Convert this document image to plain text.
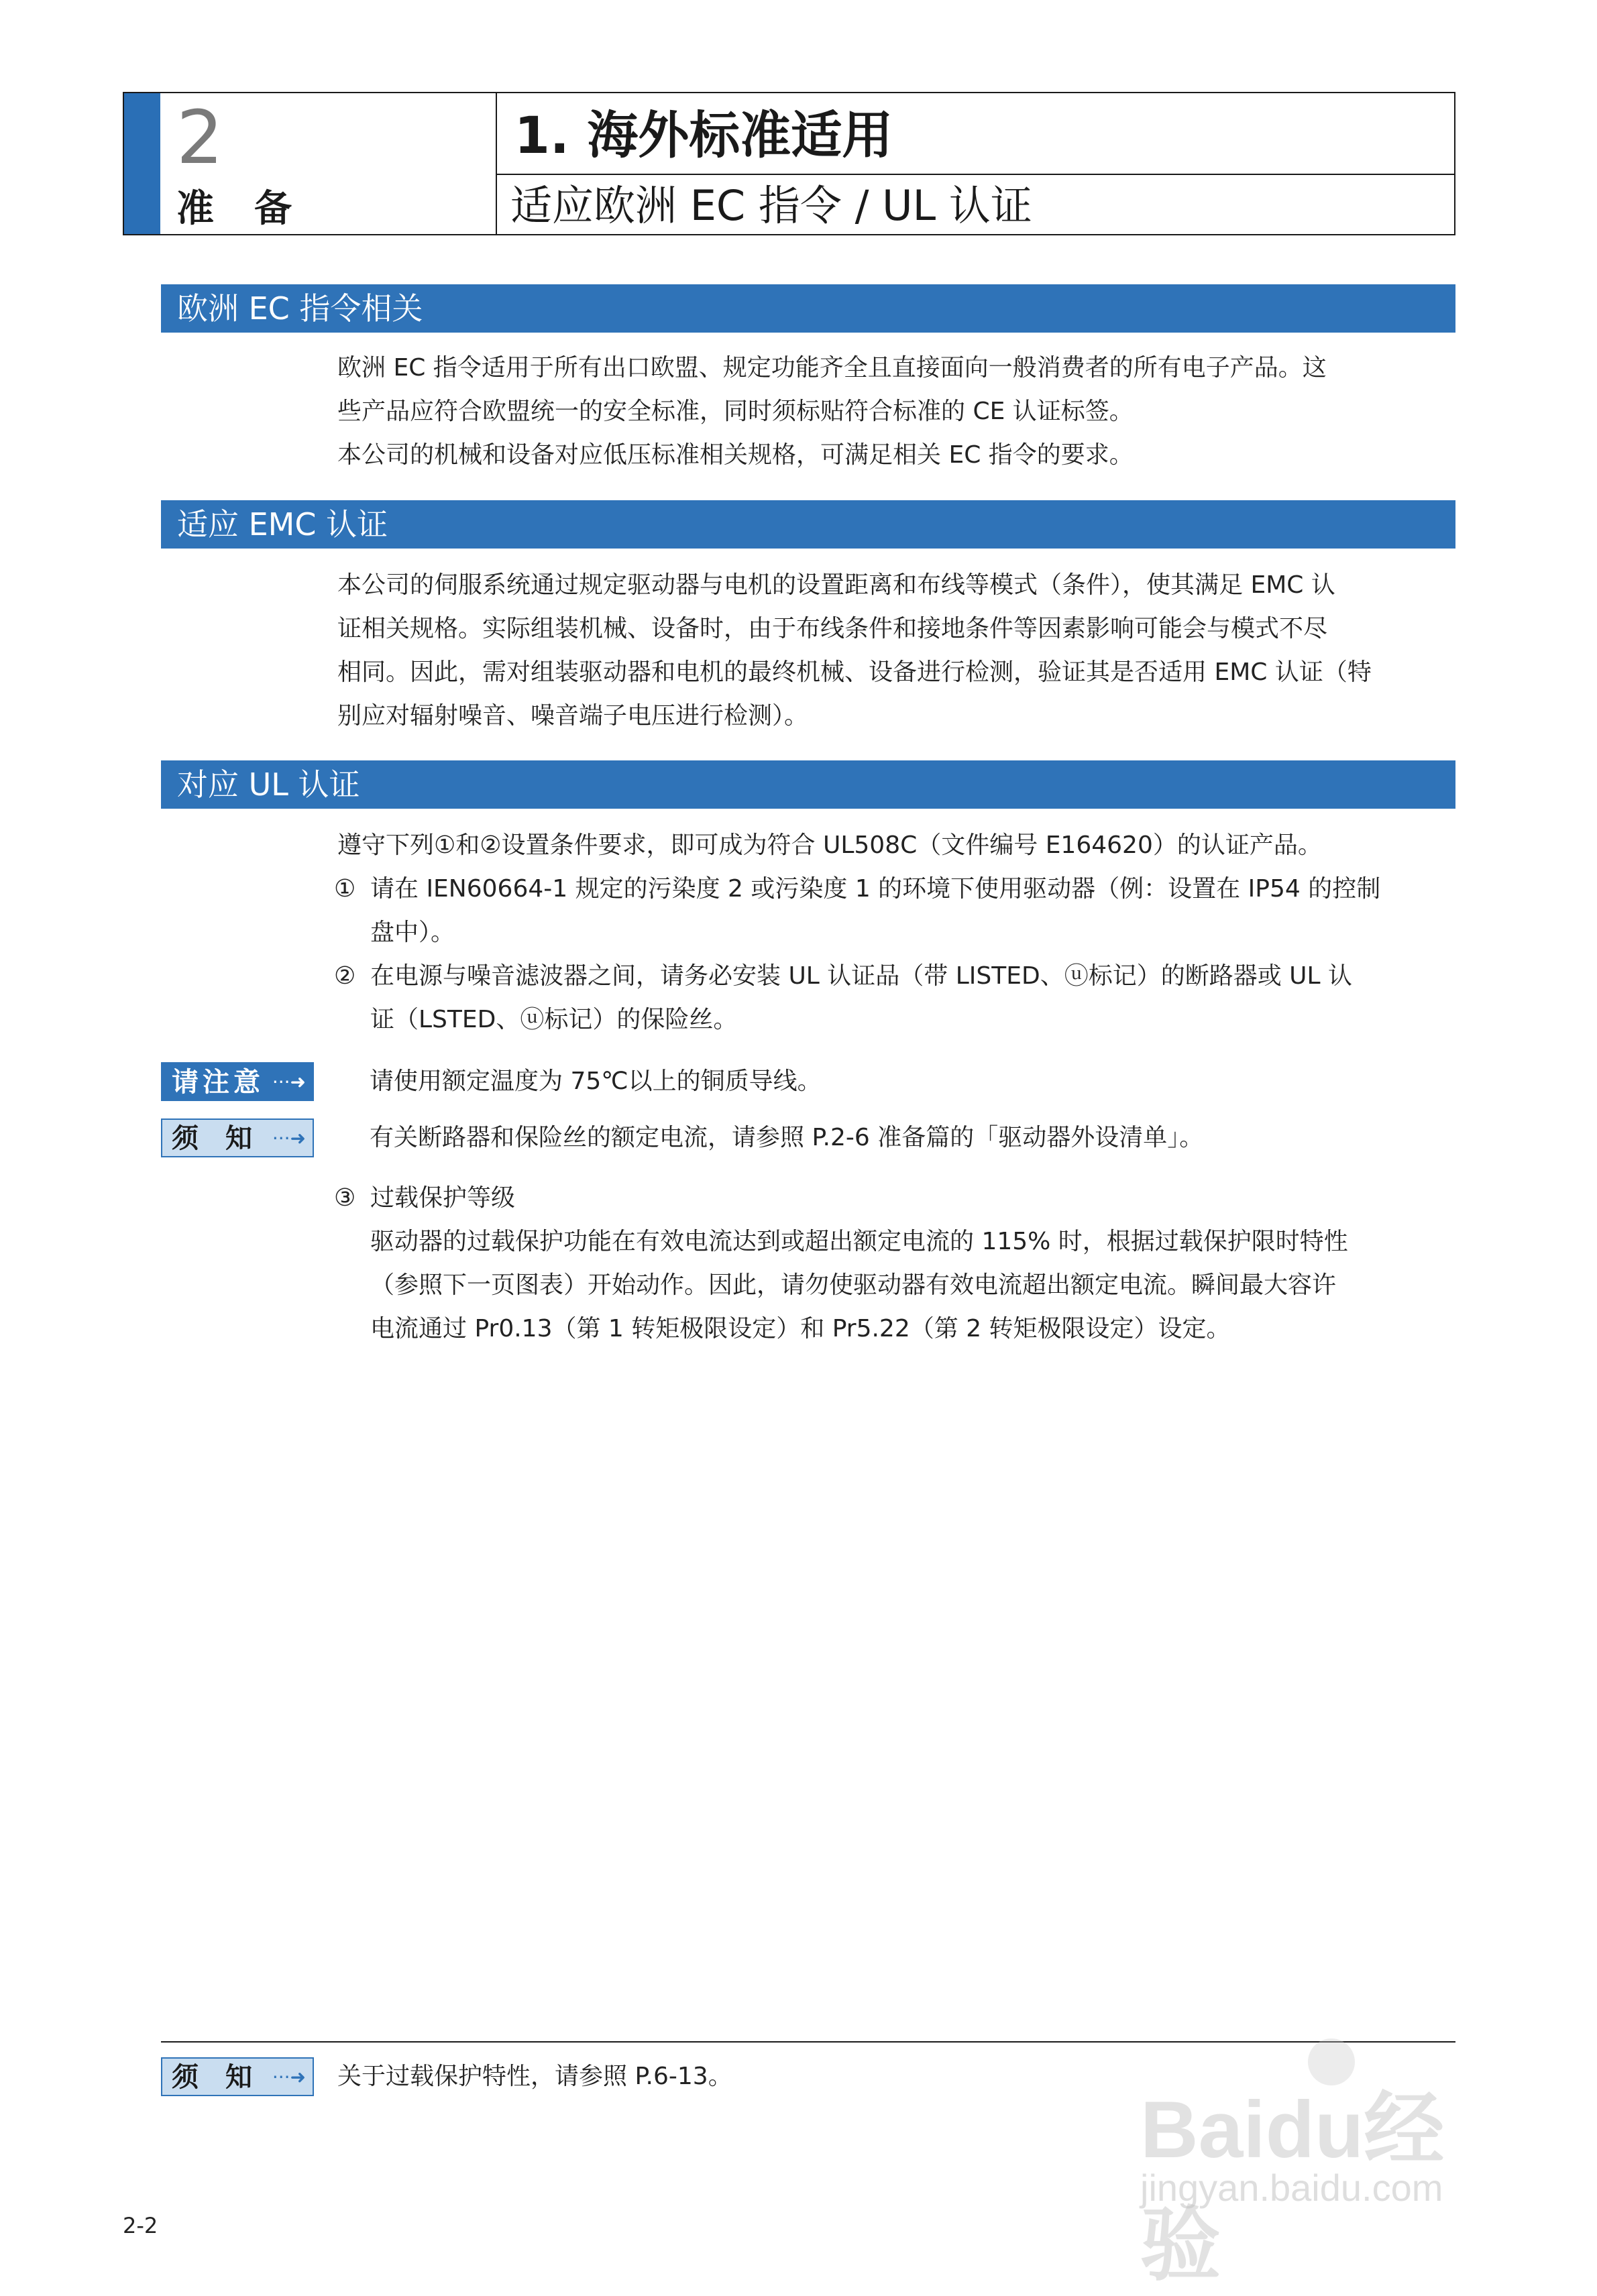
2
准备
1. 海外标准适用
适应欧洲 EC 指令 / UL 认证
欧洲 EC 指令相关
欧洲 EC 指令适用于所有出口欧盟、规定功能齐全且直接面向一般消费者的所有电子产品。这
些产品应符合欧盟统一的安全标准，同时须标贴符合标准的 CE 认证标签。
本公司的机械和设备对应低压标准相关规格，可满足相关 EC 指令的要求。
适应 EMC 认证
本公司的伺服系统通过规定驱动器与电机的设置距离和布线等模式（条件），使其满足 EMC 认
证相关规格。实际组装机械、设备时，由于布线条件和接地条件等因素影响可能会与模式不尽
相同。因此，需对组装驱动器和电机的最终机械、设备进行检测，验证其是否适用 EMC 认证（特
别应对辐射噪音、噪音端子电压进行检测）。
对应 UL 认证
遵守下列①和②设置条件要求，即可成为符合 UL508C（文件编号 E164620）的认证产品。
① 请在 IEN60664-1 规定的污染度 2 或污染度 1 的环境下使用驱动器（例：设置在 IP54 的控制
盘中）。
② 在电源与噪音滤波器之间，请务必安装 UL 认证品（带 LISTED、ⓤ标记）的断路器或 UL 认
证（LSTED、ⓤ标记）的保险丝。
请注意 ···➜	请使用额定温度为 75℃以上的铜质导线。
须知
···➜	有关断路器和保险丝的额定电流，请参照 P.2-6 准备篇的「驱动器外设清单」。
③ 过载保护等级
驱动器的过载保护功能在有效电流达到或超出额定电流的 115% 时，根据过载保护限时特性
（参照下一页图表）开始动作。因此，请勿使驱动器有效电流超出额定电流。瞬间最大容许
电流通过 Pr0.13（第 1 转矩极限设定）和 Pr5.22（第 2 转矩极限设定）设定。
须知
···➜ 关于过载保护特性，请参照 P.6-13。
Baidu经验
jingyan.baidu.com
2-2
